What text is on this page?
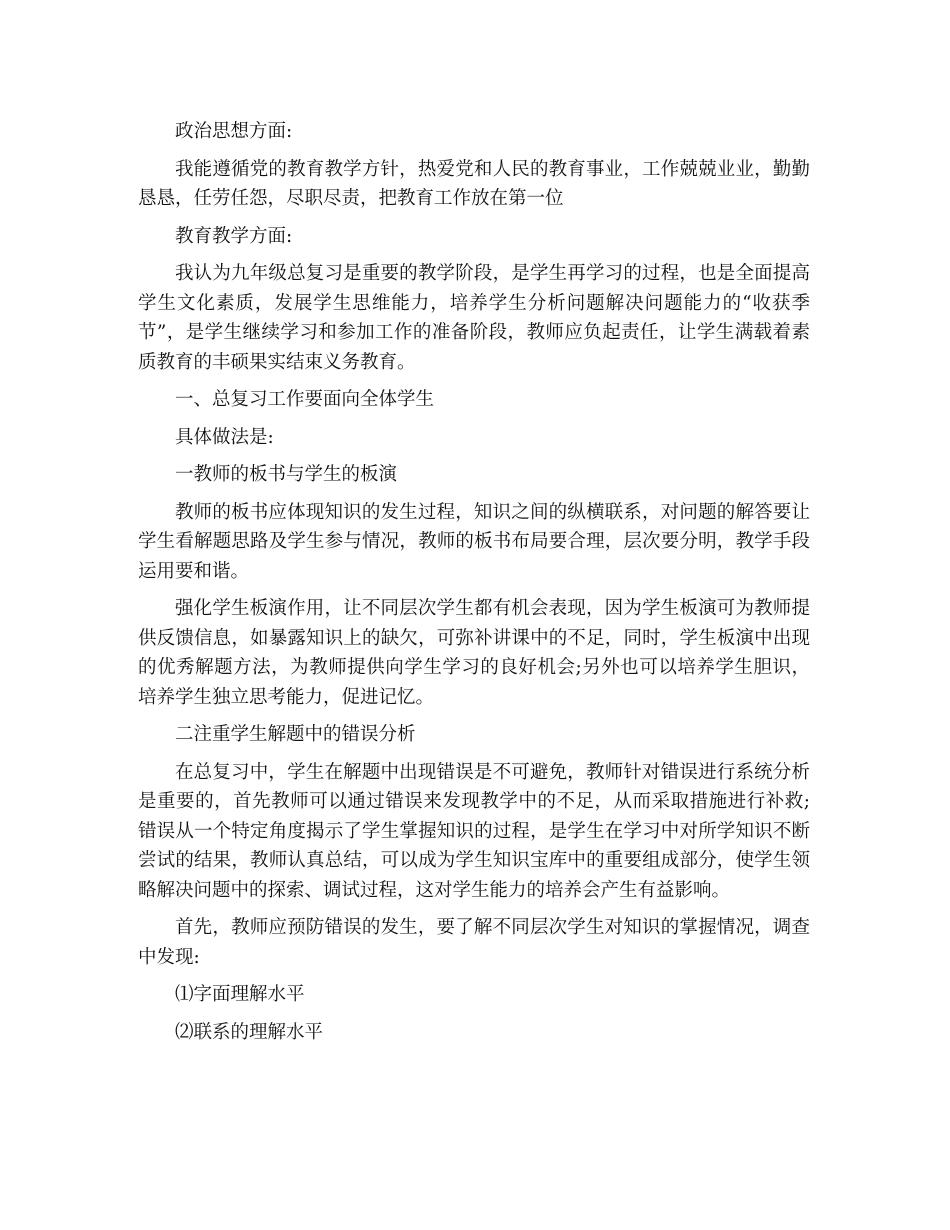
政治思想方面:

我能遵循党的教育教学方针，热爱党和人民的教育事业，工作兢兢业业，勤勤恳恳，任劳任怨，尽职尽责，把教育工作放在第一位

教育教学方面:

我认为九年级总复习是重要的教学阶段，是学生再学习的过程，也是全面提高学生文化素质，发展学生思维能力，培养学生分析问题解决问题能力的“收获季节”，是学生继续学习和参加工作的准备阶段，教师应负起责任，让学生满载着素质教育的丰硕果实结束义务教育。

一、总复习工作要面向全体学生

具体做法是:

一教师的板书与学生的板演

教师的板书应体现知识的发生过程，知识之间的纵横联系，对问题的解答要让学生看解题思路及学生参与情况，教师的板书布局要合理，层次要分明，教学手段运用要和谐。

强化学生板演作用，让不同层次学生都有机会表现，因为学生板演可为教师提供反馈信息，如暴露知识上的缺欠，可弥补讲课中的不足，同时，学生板演中出现的优秀解题方法，为教师提供向学生学习的良好机会;另外也可以培养学生胆识，培养学生独立思考能力，促进记忆。

二注重学生解题中的错误分析

在总复习中，学生在解题中出现错误是不可避免，教师针对错误进行系统分析是重要的，首先教师可以通过错误来发现教学中的不足，从而采取措施进行补救;错误从一个特定角度揭示了学生掌握知识的过程，是学生在学习中对所学知识不断尝试的结果，教师认真总结，可以成为学生知识宝库中的重要组成部分，使学生领略解决问题中的探索、调试过程，这对学生能力的培养会产生有益影响。

首先，教师应预防错误的发生，要了解不同层次学生对知识的掌握情况，调查中发现:

⑴字面理解水平

⑵联系的理解水平
